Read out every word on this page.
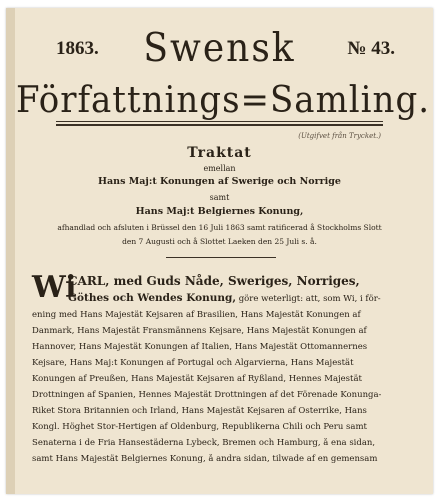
1863.	Swensk	№ 43.
Författnings=Samling.
(Utgifvet från Trycket.)
Traktat
emellan
Hans Maj:t Konungen af Swerige och Norrige
samt
Hans Maj:t Belgiernes Konung,
afhandlad och afsluten i Brüssel den 16 Juli 1863 samt ratificerad å Stockholms Slott
den 7 Augusti och å Slottet Laeken den 25 Juli s. å.
Wi
CARL, med Guds Nåde, Sweriges, Norriges,
Göthes och Wendes Konung, göre weterligt: att, som Wi, i för-
ening med Hans Majestät Kejsaren af Brasilien, Hans Majestät Konungen af
Danmark, Hans Majestät Fransmännens Kejsare, Hans Majestät Konungen af
Hannover, Hans Majestät Konungen af Italien, Hans Majestät Ottomannernes
Kejsare, Hans Maj:t Konungen af Portugal och Algarvierna, Hans Majestät
Konungen af Preußen, Hans Majestät Kejsaren af Ryßland, Hennes Majestät
Drottningen af Spanien, Hennes Majestät Drottningen af det Förenade Konunga-
Riket Stora Britannien och Irland, Hans Majestät Kejsaren af Österrike, Hans
Kongl. Höghet Stor-Hertigen af Oldenburg, Republikerna Chili och Peru samt
Senaterna i de Fria Hansestäderna Lybeck, Bremen och Hamburg, å ena sidan,
samt Hans Majestät Belgiernes Konung, å andra sidan, tilwade af en gemensam
